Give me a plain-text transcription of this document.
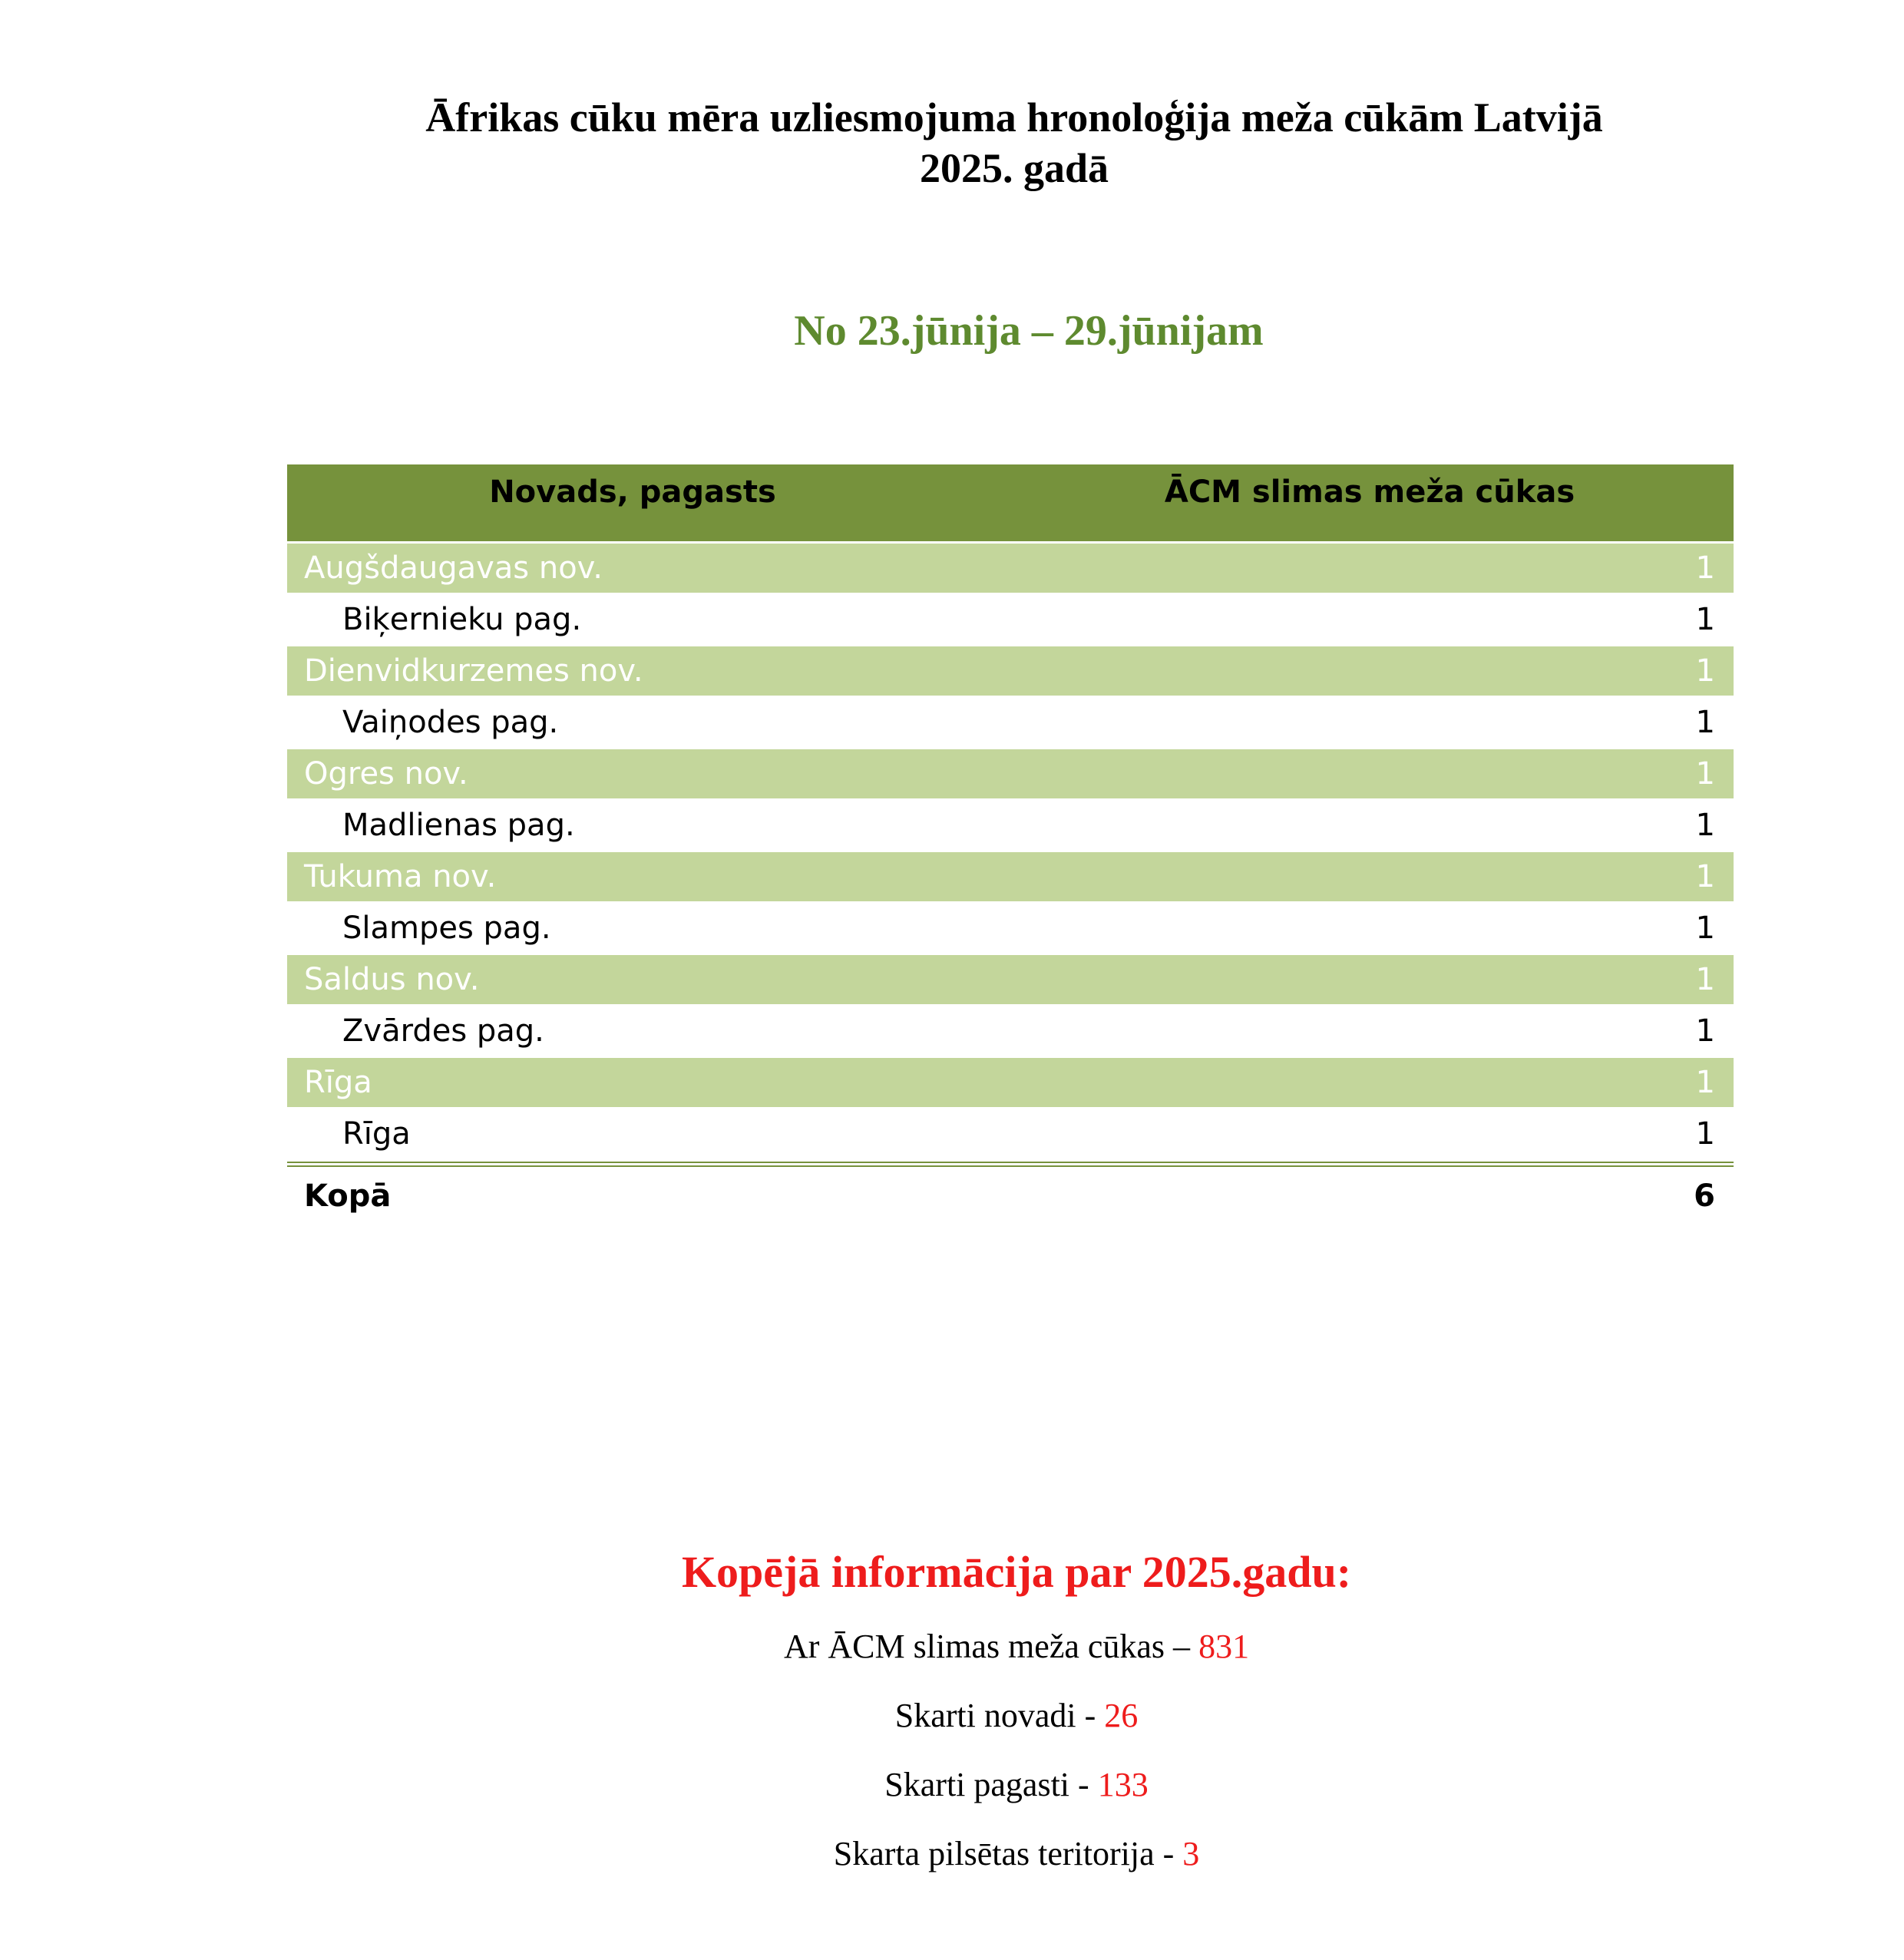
Āfrikas cūku mēra uzliesmojuma hronoloģija meža cūkām Latvijā
2025. gadā
No 23.jūnija – 29.jūnijam
Novads, pagasts	ĀCM slimas meža cūkas
Augšdaugavas nov.	1
Biķernieku pag.	1
Dienvidkurzemes nov.	1
Vaiņodes pag.	1
Ogres nov.	1
Madlienas pag.	1
Tukuma nov.	1
Slampes pag.	1
Saldus nov.	1
Zvārdes pag.	1
Rīga	1
Rīga	1
Kopā	6
Kopējā informācija par 2025.gadu:
Ar ĀCM slimas meža cūkas – 831
Skarti novadi - 26
Skarti pagasti - 133
Skarta pilsētas teritorija - 3
